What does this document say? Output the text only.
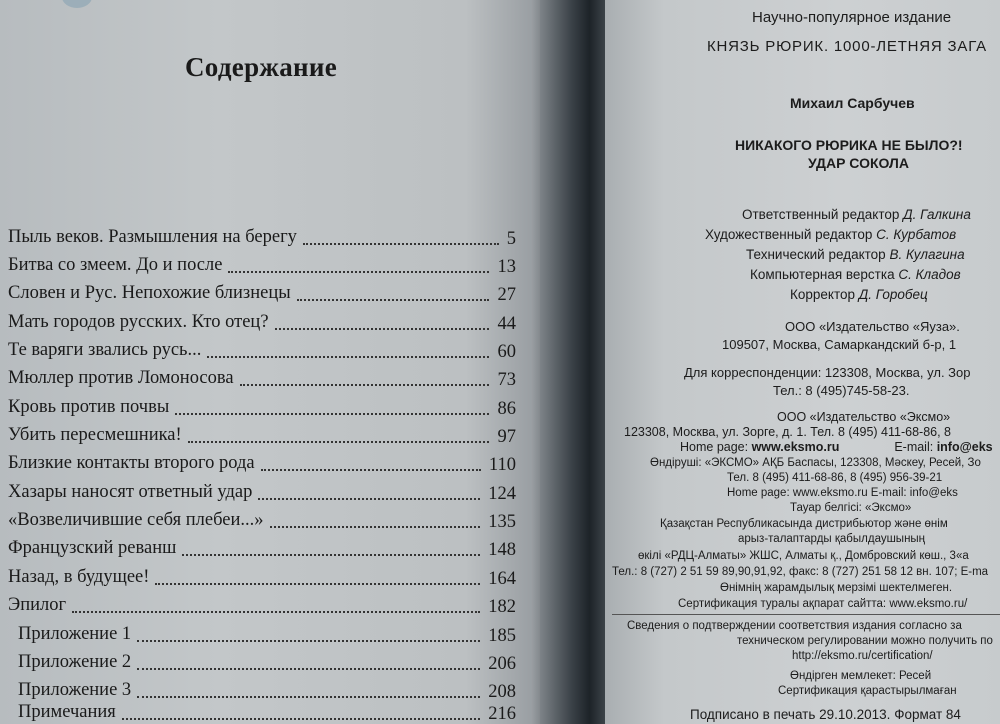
Содержание
Пыль веков. Размышления на берегу	5
Битва со змеем. До и после	13
Словен и Рус. Непохожие близнецы	27
Мать городов русских. Кто отец?	44
Те варяги звались русь...	60
Мюллер против Ломоносова	73
Кровь против почвы	86
Убить пересмешника!	97
Близкие контакты второго рода	110
Хазары наносят ответный удар	124
«Возвеличившие себя плебеи...»	135
Французский реванш	148
Назад, в будущее!	164
Эпилог	182
Приложение 1	185
Приложение 2	206
Приложение 3	208
Примечания	216
Научно-популярное издание
КНЯЗЬ РЮРИК. 1000-ЛЕТНЯЯ ЗАГА
Михаил Сарбучев
НИКАКОГО РЮРИКА НЕ БЫЛО?!
УДАР СОКОЛА
Ответственный редактор Д. Галкина
Художественный редактор С. Курбатов
Технический редактор В. Кулагина
Компьютерная верстка С. Кладов
Корректор Д. Горобец
ООО «Издательство «Яуза».
109507, Москва, Самаркандский б-р, 1
Для корреспонденции: 123308, Москва, ул. Зор
Тел.: 8 (495)745-58-23.
ООО «Издательство «Эксмо»
123308, Москва, ул. Зорге, д. 1. Тел. 8 (495) 411-68-86, 8
Home page: www.eksmo.ru	E-mail: info@eks
Өндіруші: «ЭКСМО» АҚБ Баспасы, 123308, Мәскеу, Ресей, Зо
Тел. 8 (495) 411-68-86, 8 (495) 956-39-21
Home page: www.eksmo.ru E-mail: info@eks
Тауар белгісі: «Эксмо»
Қазақстан Республикасында дистрибьютор және өнім
арыз-талаптарды қабылдаушының
өкілі «РДЦ-Алматы» ЖШС, Алматы қ., Домбровский көш., 3«а
Тел.: 8 (727) 2 51 59 89,90,91,92, факс: 8 (727) 251 58 12 вн. 107; E-ma
Өнімнің жарамдылық мерзімі шектелмеген.
Сертификация туралы ақпарат сайтта: www.eksmo.ru/
Сведения о подтверждении соответствия издания согласно за
техническом регулировании можно получить по
http://eksmo.ru/certification/
Өндірген мемлекет: Ресей
Сертификация қарастырылмаған
Подписано в печать 29.10.2013. Формат 84
